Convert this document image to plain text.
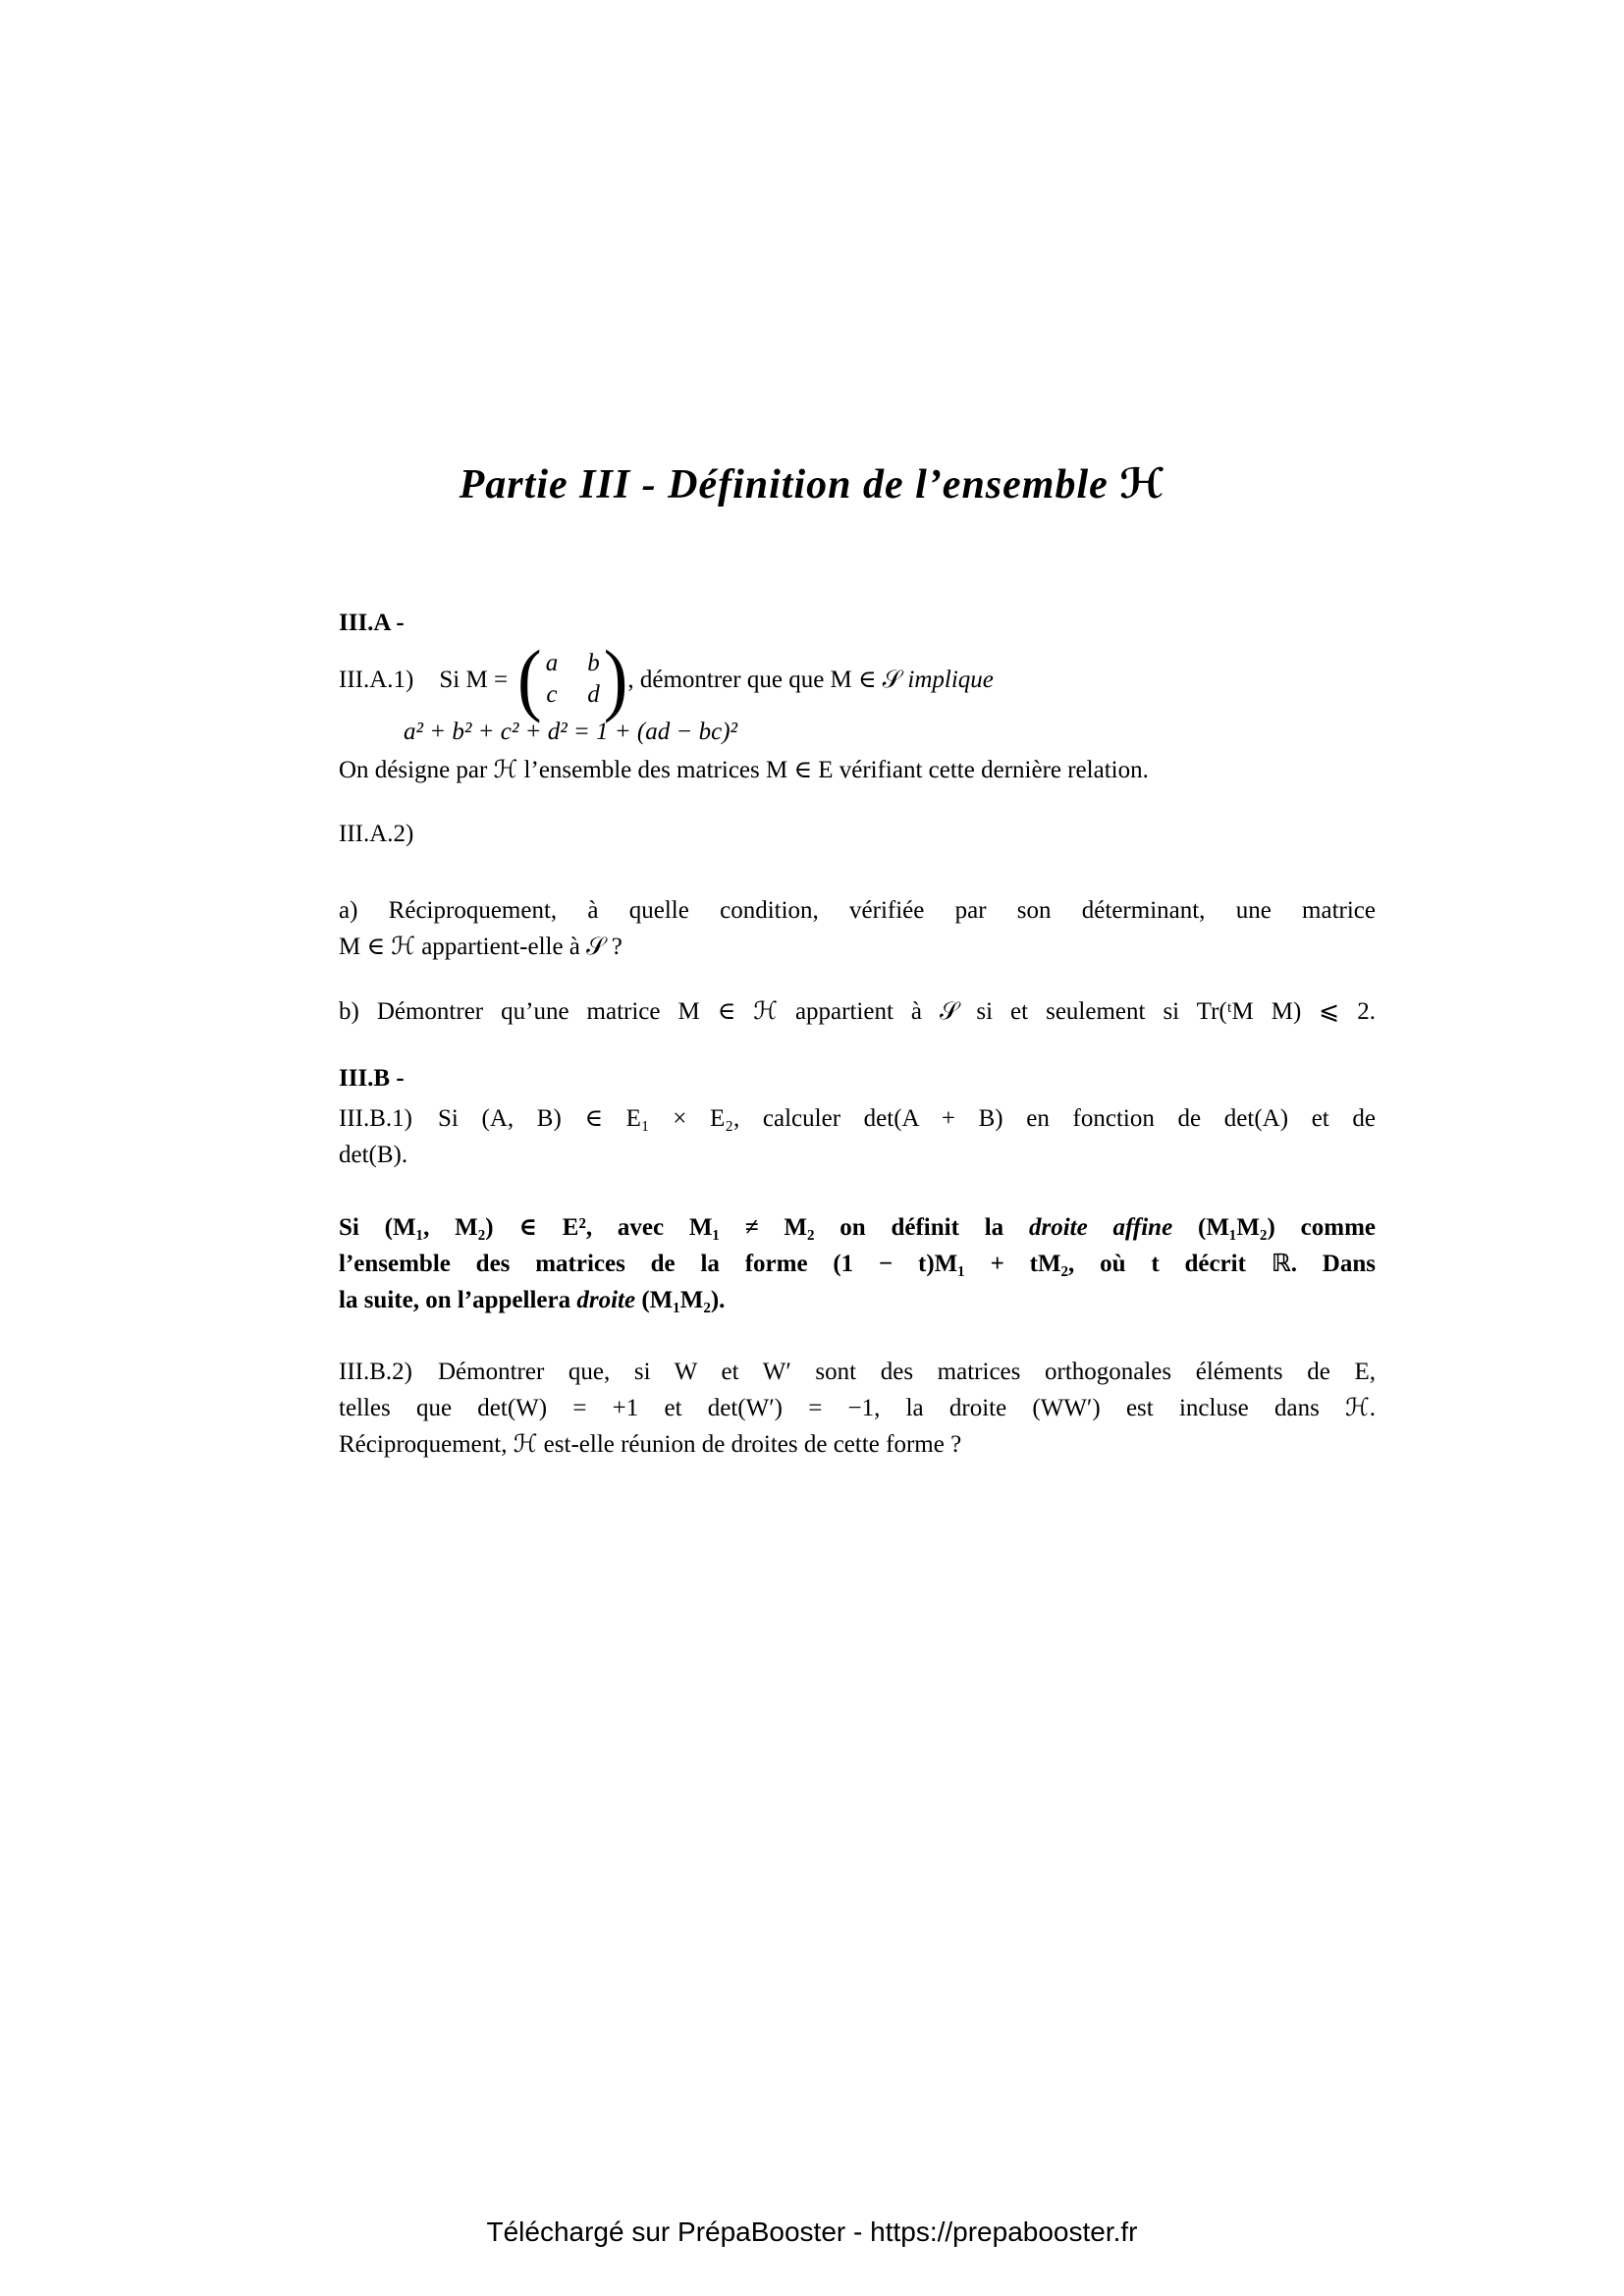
Partie III - Définition de l’ensemble ℋ
III.A -
III.A.1) Si M = ( a b
c d ) , démontrer que que M ∈ 𝒮 implique
a² + b² + c² + d² = 1 + (ad − bc)²
On désigne par ℋ l’ensemble des matrices M ∈ E vérifiant cette dernière relation.
III.A.2)
a) Réciproquement, à quelle condition, vérifiée par son déterminant, une matrice
M ∈ ℋ appartient-elle à 𝒮 ?
b) Démontrer qu’une matrice M ∈ ℋ appartient à 𝒮 si et seulement si Tr(ᵗM M) ⩽ 2.
III.B -
III.B.1) Si (A, B) ∈ E₁ × E₂, calculer det(A + B) en fonction de det(A) et de
det(B).
Si (M₁, M₂) ∈ E², avec M₁ ≠ M₂ on définit la droite affine (M₁M₂) comme
l’ensemble des matrices de la forme (1 − t)M₁ + tM₂, où t décrit ℝ. Dans
la suite, on l’appellera droite (M₁M₂).
III.B.2) Démontrer que, si W et W′ sont des matrices orthogonales éléments de E,
telles que det(W) = +1 et det(W′) = −1, la droite (WW′) est incluse dans ℋ.
Réciproquement, ℋ est-elle réunion de droites de cette forme ?
Téléchargé sur PrépaBooster - https://prepabooster.fr
